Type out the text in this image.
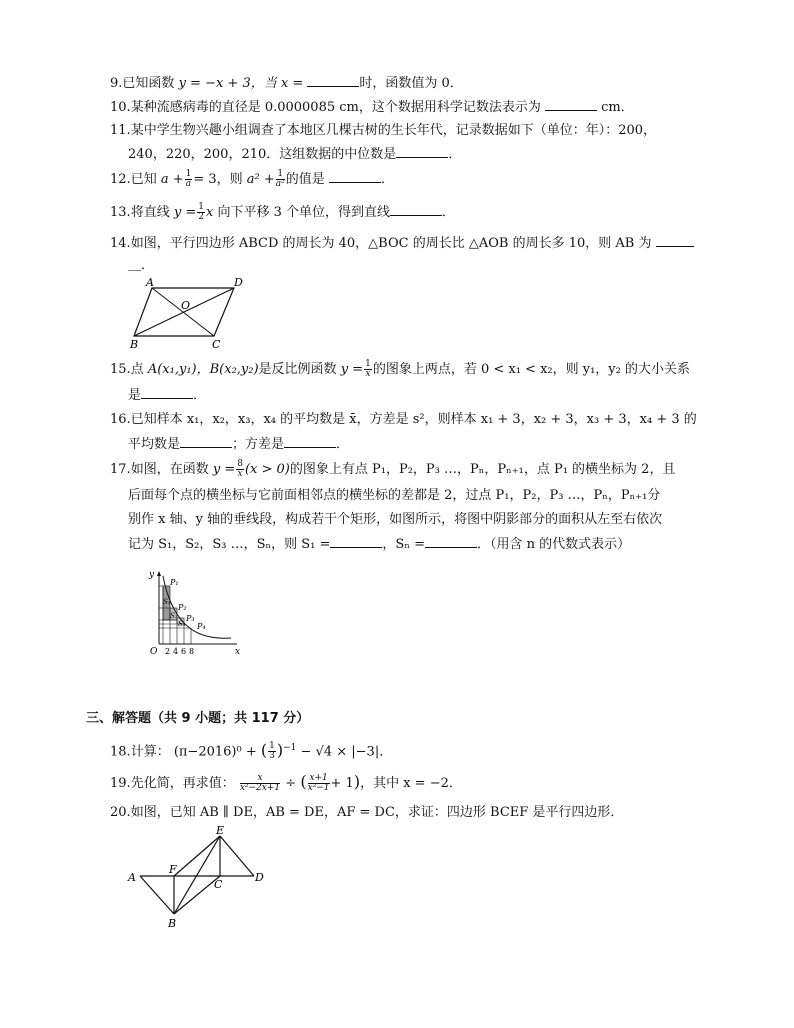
9.已知函数 y = −x + 3，当 x =	时，函数值为 0．
10.某种流感病毒的直径是 0.0000085 cm，这个数据用科学记数法表示为	cm．
11.某中学生物兴趣小组调查了本地区几棵古树的生长年代，记录数据如下（单位：年）：200，
240，220，200，210．这组数据的中位数是	．
12.已知 $a + \frac{1}{a} = 3$，则 $a^2 + \frac{1}{\text{a²}}$ 的值是	．
13.将直线 $y = \frac{1}{2}$ x 向下平移 3 个单位，得到直线	．
14.如图，平行四边形 ABCD 的周长为 40，△BOC 的周长比 △AOB 的周长多 10，则 AB 为
＿．
A	D
B	C
O
15.点 A(x₁,y₁)，B(x₂,y₂)是反比例函数 $y = \frac{1}{x}$ 的图象上两点，若 0 < x₁ < x₂，则 y₁，y₂ 的大小关系
是	．
16.已知样本 x₁，x₂，x₃，x₄ 的平均数是 x̄，方差是 s²，则样本 x₁ + 3，x₂ + 3，x₃ + 3，x₄ + 3 的
平均数是	；方差是	．
17.如图，在函数 $y = \frac{8}{x} (x > 0)$的图象上有点 P₁，P₂，P₃ …，Pₙ，Pₙ₊₁，点 P₁ 的横坐标为 2，且
后面每个点的横坐标与它前面相邻点的横坐标的差都是 2，过点 P₁，P₂，P₃ …，Pₙ，Pₙ₊₁分
别作 x 轴、y 轴的垂线段，构成若干个矩形，如图所示，将图中阴影部分的面积从左至右依次
记为 S₁，S₂，S₃ …，Sₙ，则 S₁ =	，Sₙ =	．（用含 n 的代数式表示）
y
x
O 2 4 6 8
P₁
P₂
P₃
P₄
S₁
S₂
S₃
三、解答题（共 9 小题；共 117 分）
18.计算： (π−2016)⁰ + ( $\frac{1}{3} )^{-1} - √4 \times |-3|$．
19.先化简，再求值： $\frac{x}{\text{x²−2x+1}}$ ÷ ( $\frac{x+1}{\text{x²−1}} + 1$)，其中 x = −2．
20.如图，已知 AB ∥ DE，AB = DE，AF = DC，求证：四边形 BCEF 是平行四边形．
A
B
C
D
E
F
